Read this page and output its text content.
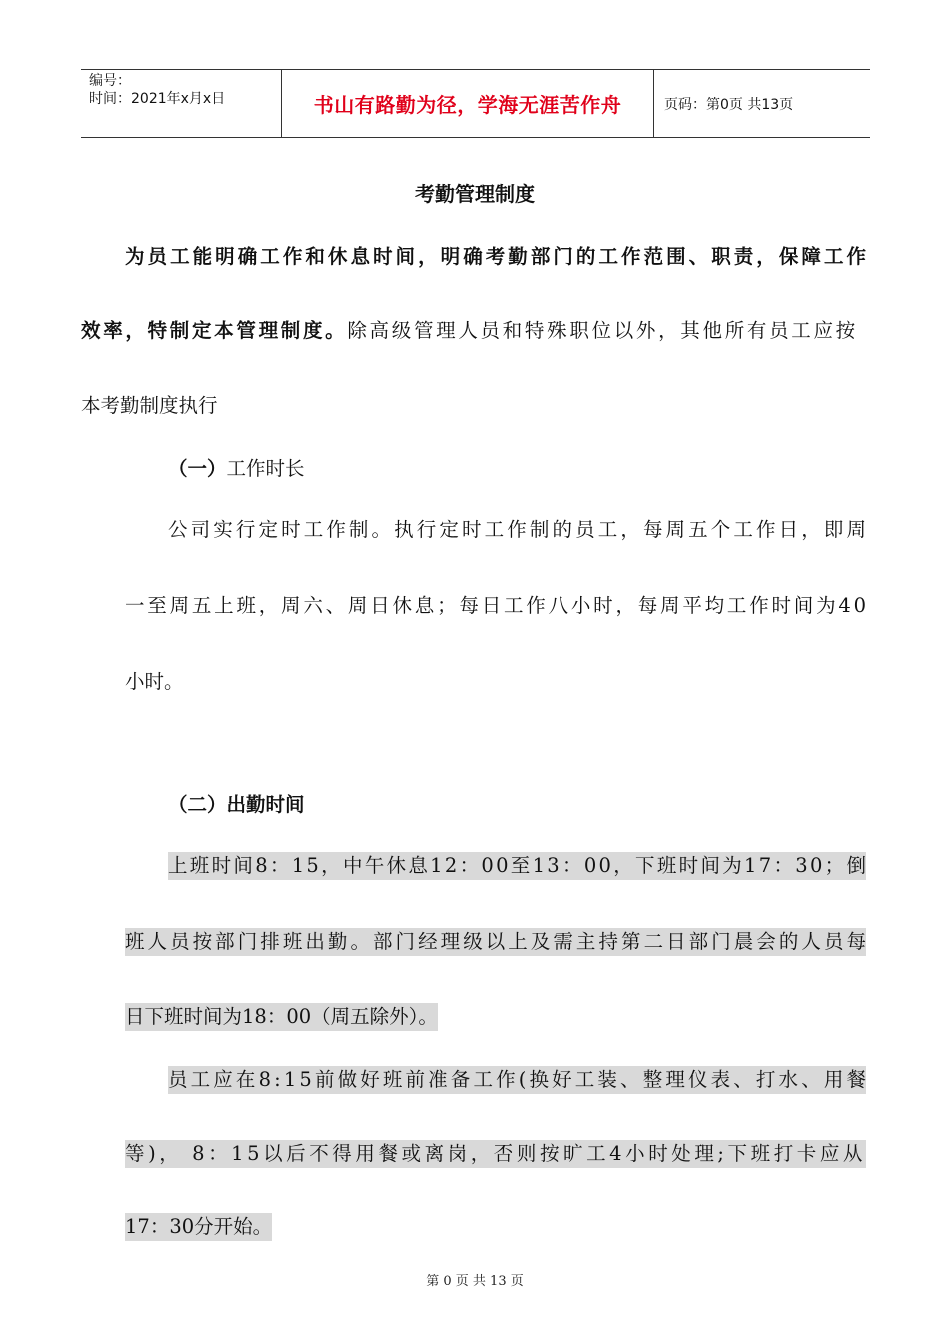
编号：
时间：2021年x月x日	书山有路勤为径，学海无涯苦作舟	页码：第0页 共13页
考勤管理制度
为员工能明确工作和休息时间，明确考勤部门的工作范围、职责，保障工作
效率，特制定本管理制度。除高级管理人员和特殊职位以外，其他所有员工应按
本考勤制度执行
（一）工作时长
公司实行定时工作制。执行定时工作制的员工，每周五个工作日，即周
一至周五上班，周六、周日休息；每日工作八小时，每周平均工作时间为40
小时。
（二）出勤时间
上班时间8：15，中午休息12：00至13：00，下班时间为17：30；倒
班人员按部门排班出勤。部门经理级以上及需主持第二日部门晨会的人员每
日下班时间为18：00（周五除外）。
员工应在8:15前做好班前准备工作(换好工装、整理仪表、打水、用餐
等)， 8：15以后不得用餐或离岗，否则按旷工4小时处理;下班打卡应从
17：30分开始。
第 0 页 共 13 页
